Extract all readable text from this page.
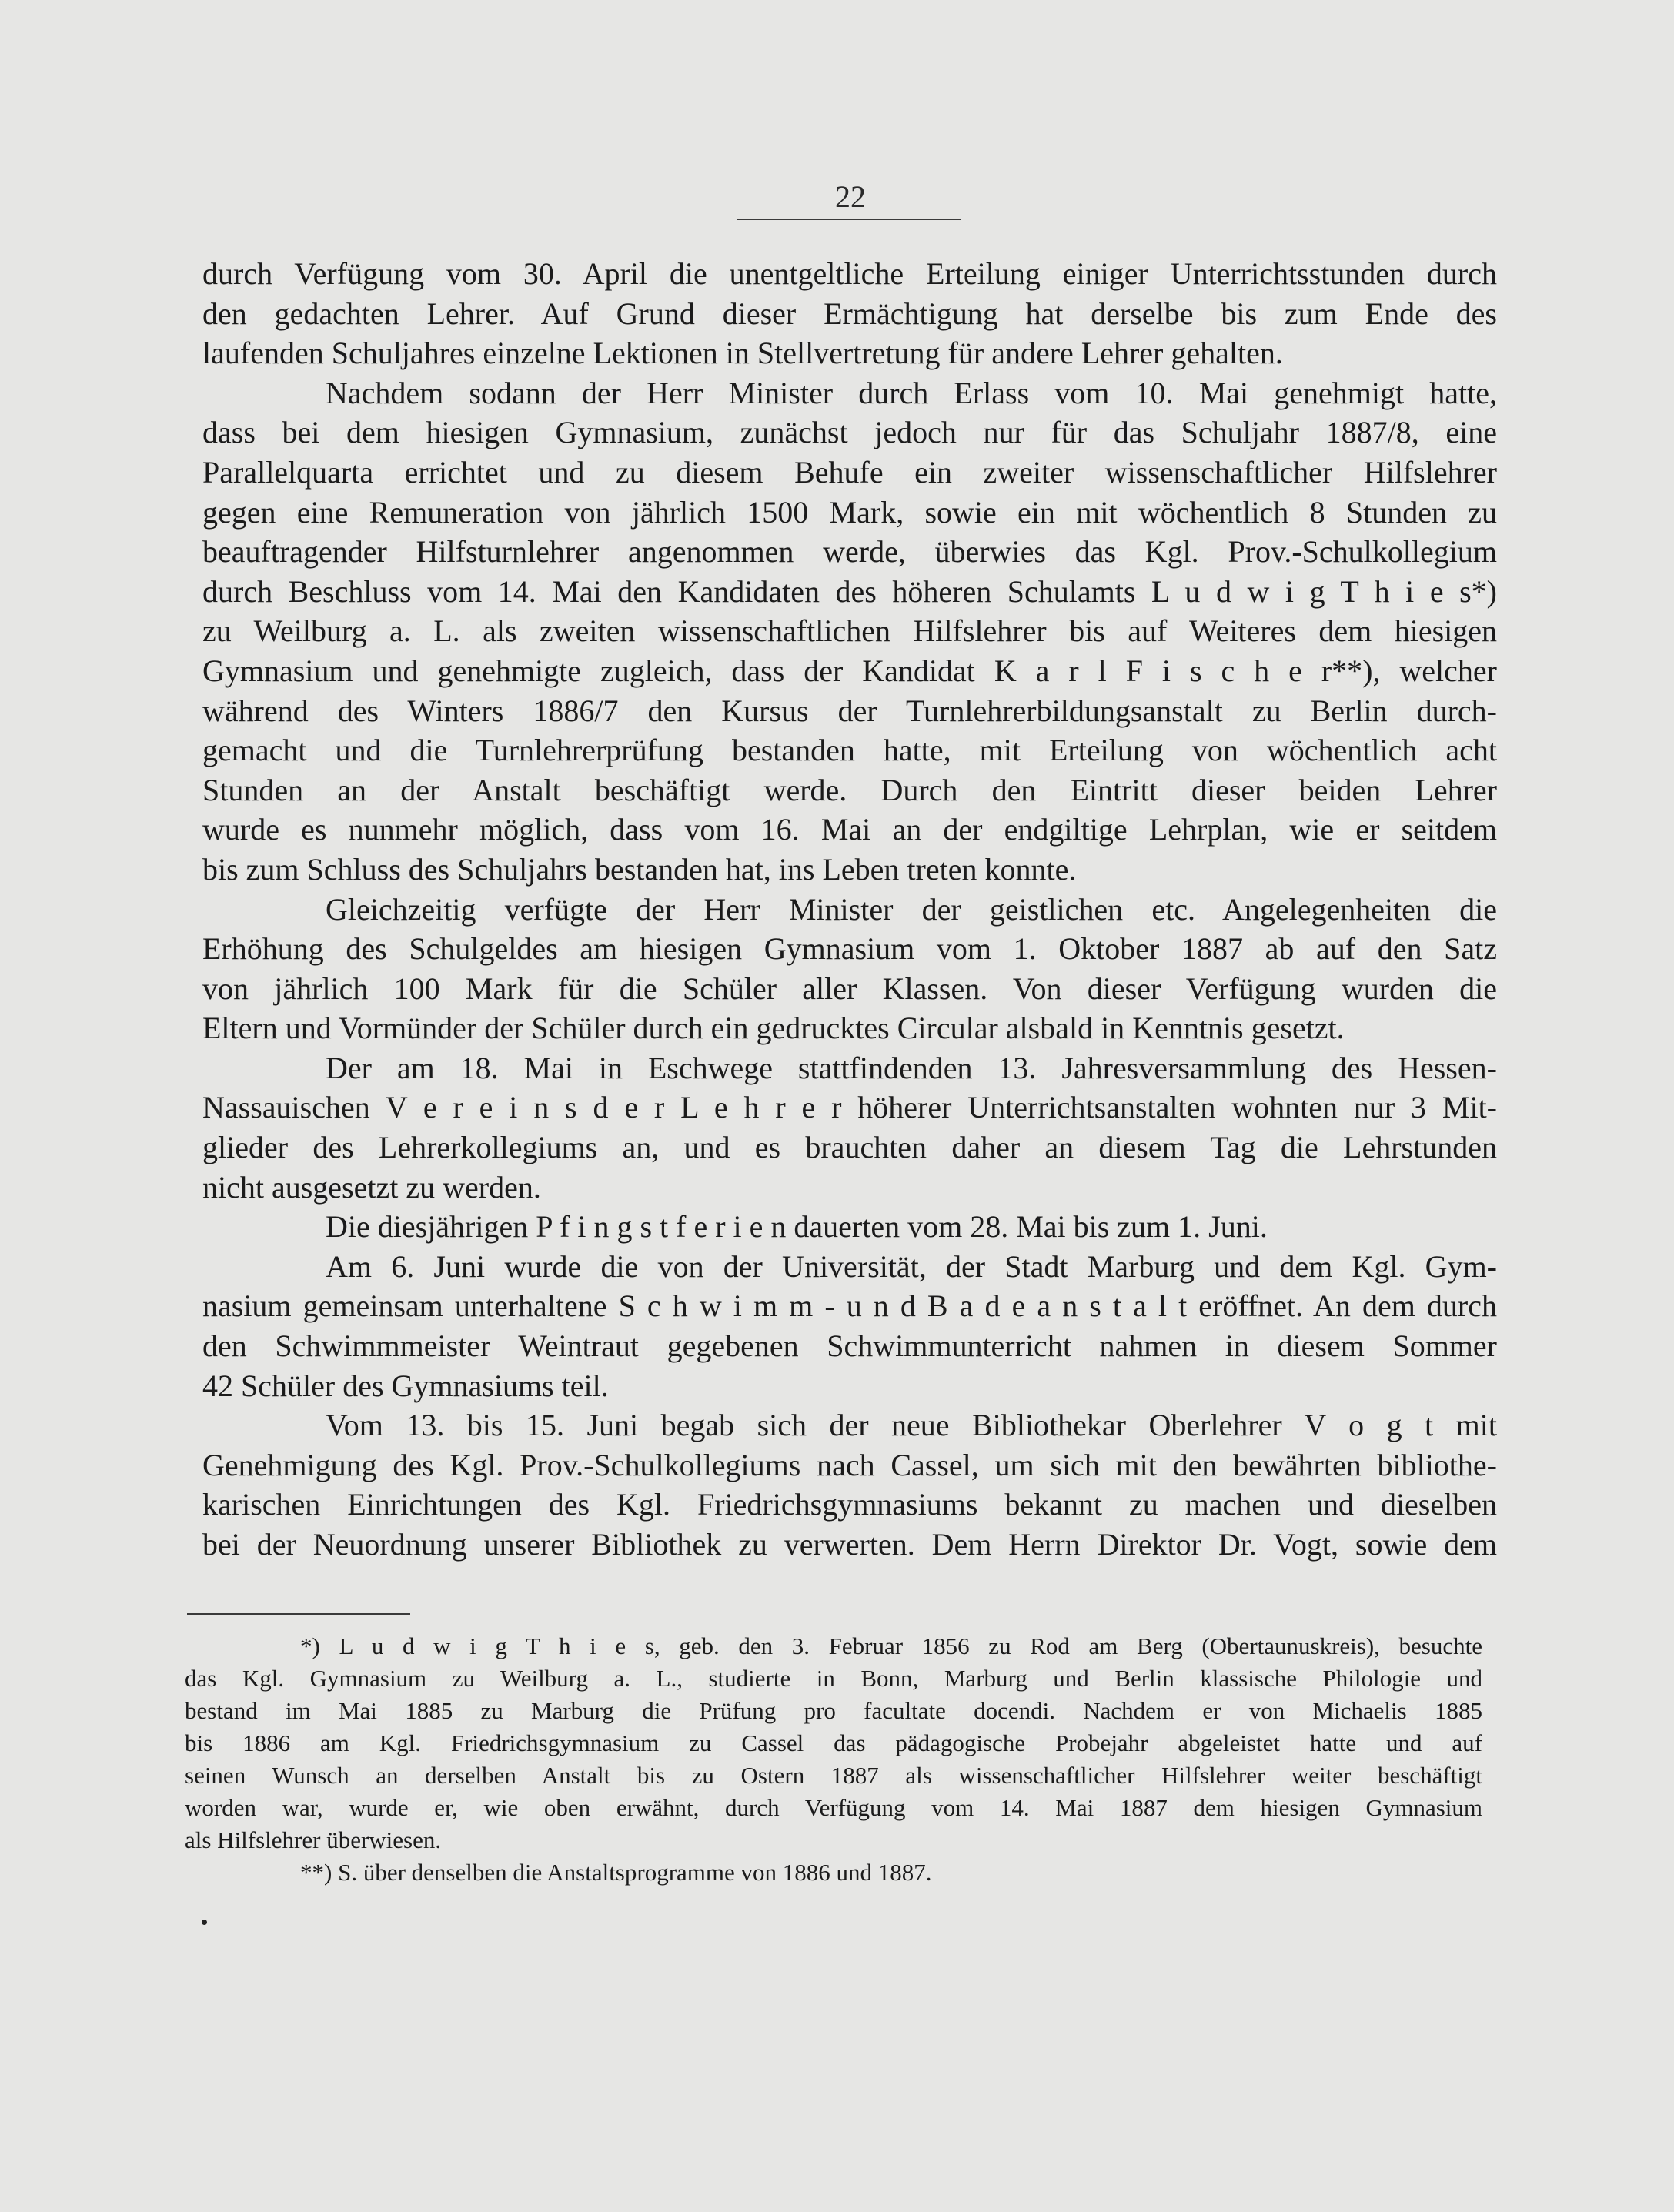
22
durch Verfügung vom 30. April die unentgeltliche Erteilung einiger Unterrichtsstunden durch
den gedachten Lehrer. Auf Grund dieser Ermächtigung hat derselbe bis zum Ende des
laufenden Schuljahres einzelne Lektionen in Stellvertretung für andere Lehrer gehalten.
Nachdem sodann der Herr Minister durch Erlass vom 10. Mai genehmigt hatte,
dass bei dem hiesigen Gymnasium, zunächst jedoch nur für das Schuljahr 1887/8, eine
Parallelquarta errichtet und zu diesem Behufe ein zweiter wissenschaftlicher Hilfslehrer
gegen eine Remuneration von jährlich 1500 Mark, sowie ein mit wöchentlich 8 Stunden zu
beauftragender Hilfsturnlehrer angenommen werde, überwies das Kgl. Prov.-Schulkollegium
durch Beschluss vom 14. Mai den Kandidaten des höheren Schulamts L u d w i g T h i e s*)
zu Weilburg a. L. als zweiten wissenschaftlichen Hilfslehrer bis auf Weiteres dem hiesigen
Gymnasium und genehmigte zugleich, dass der Kandidat K a r l F i s c h e r**), welcher
während des Winters 1886/7 den Kursus der Turnlehrerbildungsanstalt zu Berlin durch-
gemacht und die Turnlehrerprüfung bestanden hatte, mit Erteilung von wöchentlich acht
Stunden an der Anstalt beschäftigt werde. Durch den Eintritt dieser beiden Lehrer
wurde es nunmehr möglich, dass vom 16. Mai an der endgiltige Lehrplan, wie er seitdem
bis zum Schluss des Schuljahrs bestanden hat, ins Leben treten konnte.
Gleichzeitig verfügte der Herr Minister der geistlichen etc. Angelegenheiten die
Erhöhung des Schulgeldes am hiesigen Gymnasium vom 1. Oktober 1887 ab auf den Satz
von jährlich 100 Mark für die Schüler aller Klassen. Von dieser Verfügung wurden die
Eltern und Vormünder der Schüler durch ein gedrucktes Circular alsbald in Kenntnis gesetzt.
Der am 18. Mai in Eschwege stattfindenden 13. Jahresversammlung des Hessen-
Nassauischen V e r e i n s d e r L e h r e r höherer Unterrichtsanstalten wohnten nur 3 Mit-
glieder des Lehrerkollegiums an, und es brauchten daher an diesem Tag die Lehrstunden
nicht ausgesetzt zu werden.
Die diesjährigen P f i n g s t f e r i e n dauerten vom 28. Mai bis zum 1. Juni.
Am 6. Juni wurde die von der Universität, der Stadt Marburg und dem Kgl. Gym-
nasium gemeinsam unterhaltene S c h w i m m - u n d B a d e a n s t a l t eröffnet. An dem durch
den Schwimmmeister Weintraut gegebenen Schwimmunterricht nahmen in diesem Sommer
42 Schüler des Gymnasiums teil.
Vom 13. bis 15. Juni begab sich der neue Bibliothekar Oberlehrer V o g t mit
Genehmigung des Kgl. Prov.-Schulkollegiums nach Cassel, um sich mit den bewährten bibliothe-
karischen Einrichtungen des Kgl. Friedrichsgymnasiums bekannt zu machen und dieselben
bei der Neuordnung unserer Bibliothek zu verwerten. Dem Herrn Direktor Dr. Vogt, sowie dem
*) L u d w i g T h i e s, geb. den 3. Februar 1856 zu Rod am Berg (Obertaunuskreis), besuchte
das Kgl. Gymnasium zu Weilburg a. L., studierte in Bonn, Marburg und Berlin klassische Philologie und
bestand im Mai 1885 zu Marburg die Prüfung pro facultate docendi. Nachdem er von Michaelis 1885
bis 1886 am Kgl. Friedrichsgymnasium zu Cassel das pädagogische Probejahr abgeleistet hatte und auf
seinen Wunsch an derselben Anstalt bis zu Ostern 1887 als wissenschaftlicher Hilfslehrer weiter beschäftigt
worden war, wurde er, wie oben erwähnt, durch Verfügung vom 14. Mai 1887 dem hiesigen Gymnasium
als Hilfslehrer überwiesen.
**) S. über denselben die Anstaltsprogramme von 1886 und 1887.
